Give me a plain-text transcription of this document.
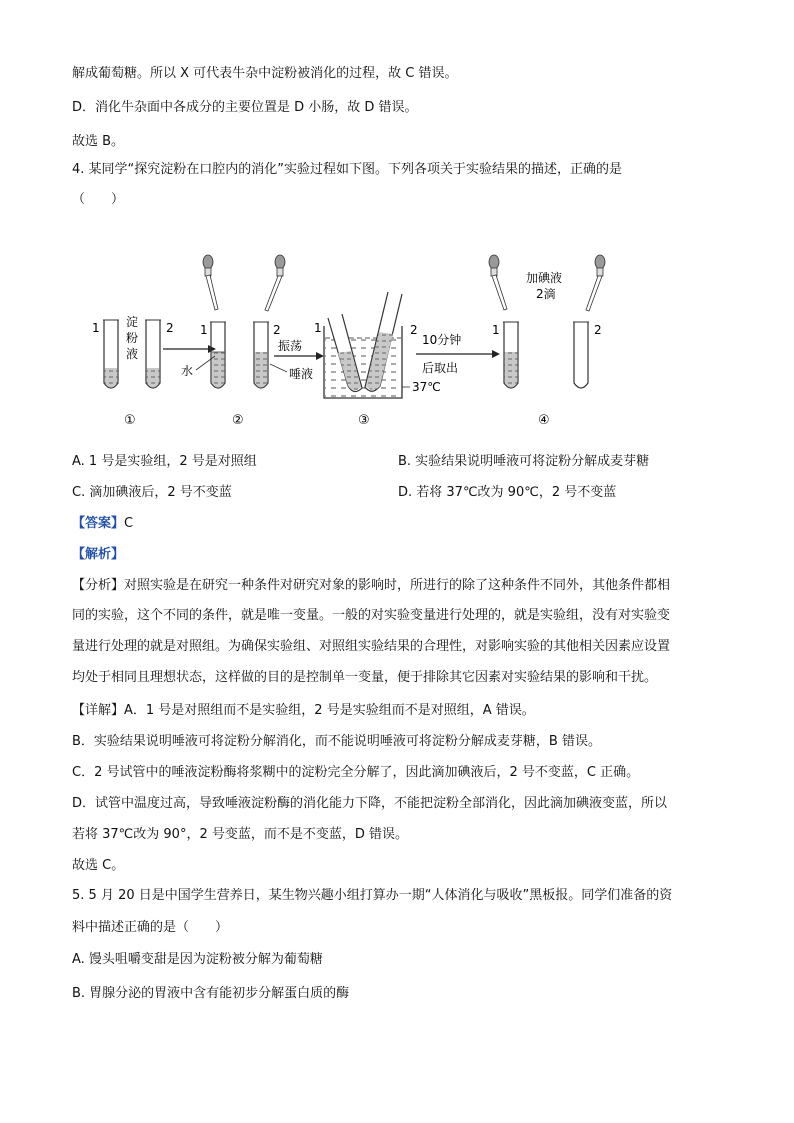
解成葡萄糖。所以 X 可代表牛杂中淀粉被消化的过程，故 C 错误。
D．消化牛杂面中各成分的主要位置是 D 小肠，故 D 错误。
故选 B。
4. 某同学“探究淀粉在口腔内的消化”实验过程如下图。下列各项关于实验结果的描述，正确的是
（　　）
1	2
淀
粉
液
①
1	2
水
振荡
唾液
②
1	2
37℃
10分钟
后取出
③
加碘液
2滴
1	2
④
A. 1 号是实验组，2 号是对照组	B. 实验结果说明唾液可将淀粉分解成麦芽糖
C. 滴加碘液后，2 号不变蓝	D. 若将 37℃改为 90℃，2 号不变蓝
【答案】C
【解析】
【分析】对照实验是在研究一种条件对研究对象的影响时，所进行的除了这种条件不同外，其他条件都相
同的实验，这个不同的条件，就是唯一变量。一般的对实验变量进行处理的，就是实验组，没有对实验变
量进行处理的就是对照组。为确保实验组、对照组实验结果的合理性，对影响实验的其他相关因素应设置
均处于相同且理想状态，这样做的目的是控制单一变量，便于排除其它因素对实验结果的影响和干扰。
【详解】A．1 号是对照组而不是实验组，2 号是实验组而不是对照组，A 错误。
B．实验结果说明唾液可将淀粉分解消化，而不能说明唾液可将淀粉分解成麦芽糖，B 错误。
C．2 号试管中的唾液淀粉酶将浆糊中的淀粉完全分解了，因此滴加碘液后，2 号不变蓝，C 正确。
D．试管中温度过高，导致唾液淀粉酶的消化能力下降，不能把淀粉全部消化，因此滴加碘液变蓝，所以
若将 37℃改为 90°，2 号变蓝，而不是不变蓝，D 错误。
故选 C。
5. 5 月 20 日是中国学生营养日，某生物兴趣小组打算办一期“人体消化与吸收”黑板报。同学们准备的资
料中描述正确的是（　　）
A. 馒头咀嚼变甜是因为淀粉被分解为葡萄糖
B. 胃腺分泌的胃液中含有能初步分解蛋白质的酶
